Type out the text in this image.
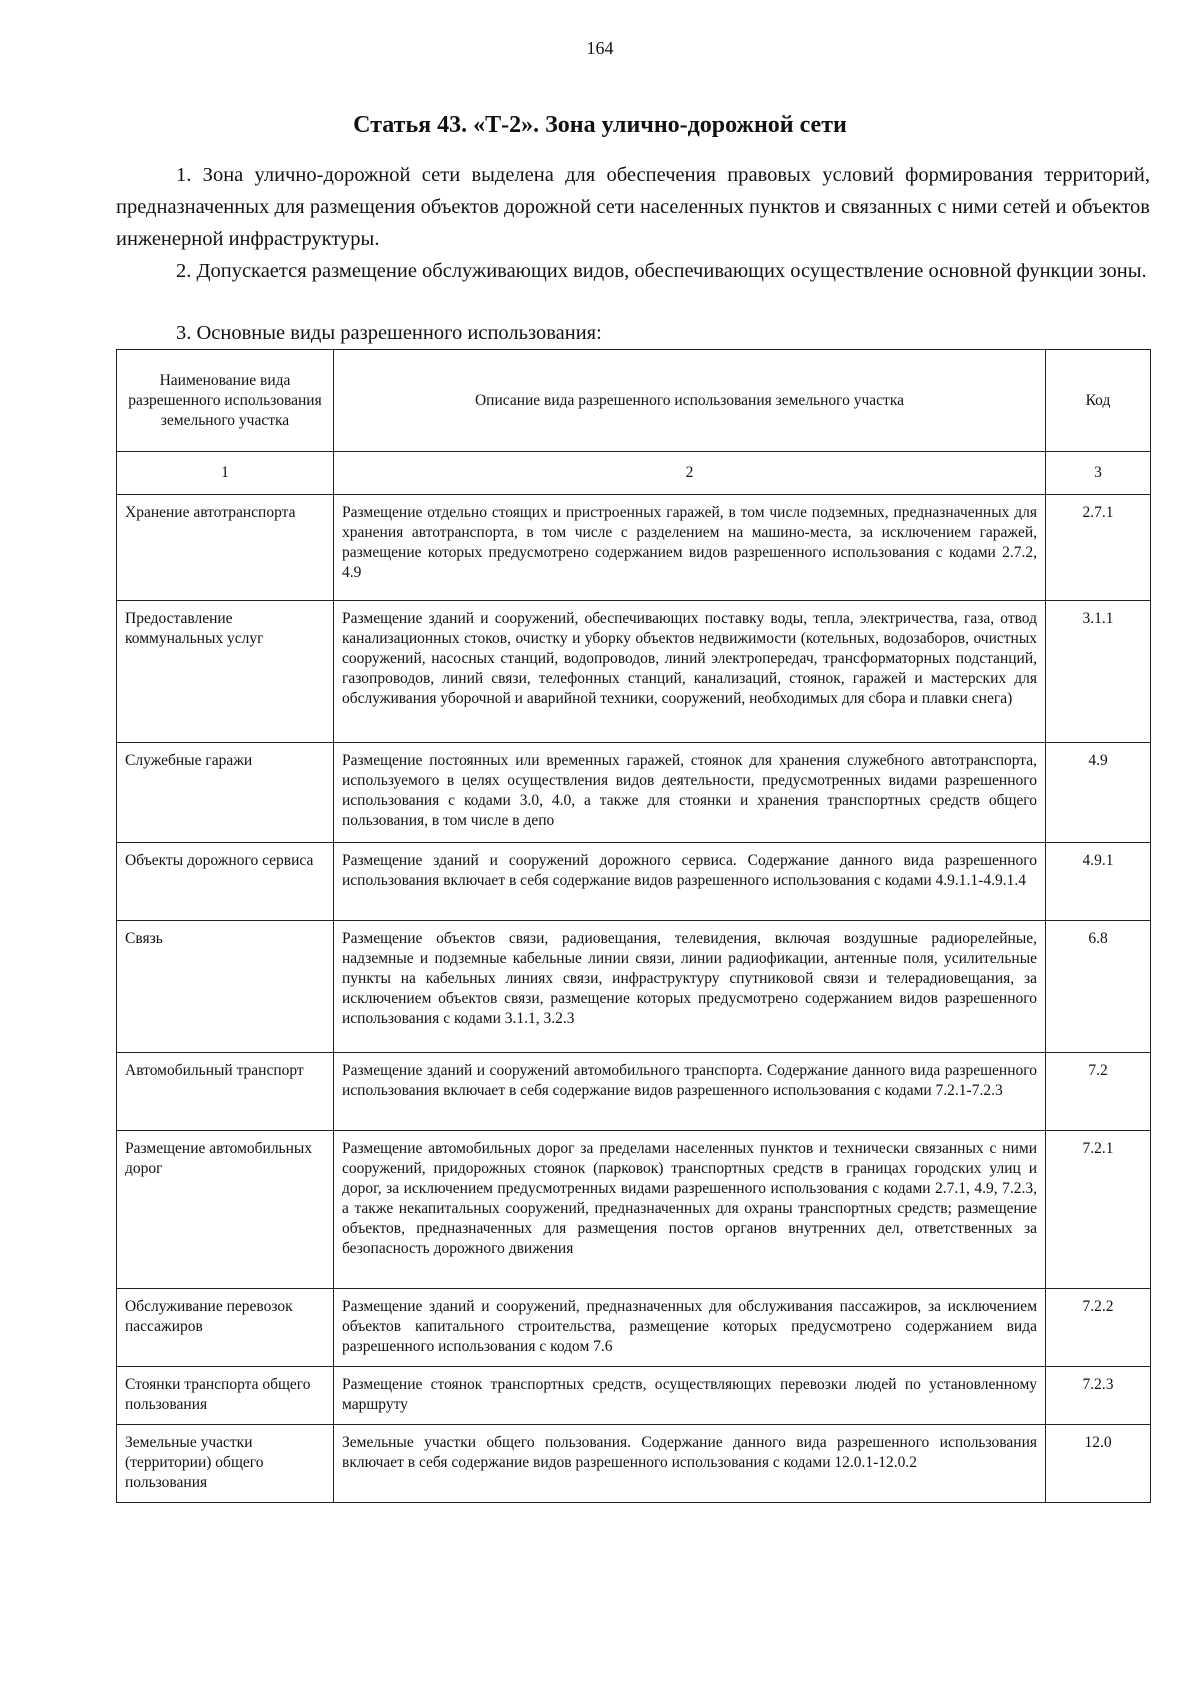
164
Статья 43. «Т-2». Зона улично-дорожной сети
1. Зона улично-дорожной сети выделена для обеспечения правовых условий формирования территорий, предназначенных для размещения объектов дорожной сети населенных пунктов и связанных с ними сетей и объектов инженерной инфраструктуры.
2. Допускается размещение обслуживающих видов, обеспечивающих осуществление основной функции зоны.
3. Основные виды разрешенного использования:
Наименование вида разрешенного использования земельного участка	Описание вида разрешенного использования земельного участка	Код
1	2	3
Хранение автотранспорта	Размещение отдельно стоящих и пристроенных гаражей, в том числе подземных, предназначенных для хранения автотранспорта, в том числе с разделением на машино-места, за исключением гаражей, размещение которых предусмотрено содержанием видов разрешенного использования с кодами 2.7.2, 4.9	2.7.1
Предоставление коммунальных услуг	Размещение зданий и сооружений, обеспечивающих поставку воды, тепла, электричества, газа, отвод канализационных стоков, очистку и уборку объектов недвижимости (котельных, водозаборов, очистных сооружений, насосных станций, водопроводов, линий электропередач, трансформаторных подстанций, газопроводов, линий связи, телефонных станций, канализаций, стоянок, гаражей и мастерских для обслуживания уборочной и аварийной техники, сооружений, необходимых для сбора и плавки снега)	3.1.1
Служебные гаражи	Размещение постоянных или временных гаражей, стоянок для хранения служебного автотранспорта, используемого в целях осуществления видов деятельности, предусмотренных видами разрешенного использования с кодами 3.0, 4.0, а также для стоянки и хранения транспортных средств общего пользования, в том числе в депо	4.9
Объекты дорожного сервиса	Размещение зданий и сооружений дорожного сервиса. Содержание данного вида разрешенного использования включает в себя содержание видов разрешенного использования с кодами 4.9.1.1-4.9.1.4	4.9.1
Связь	Размещение объектов связи, радиовещания, телевидения, включая воздушные радиорелейные, надземные и подземные кабельные линии связи, линии радиофикации, антенные поля, усилительные пункты на кабельных линиях связи, инфраструктуру спутниковой связи и телерадиовещания, за исключением объектов связи, размещение которых предусмотрено содержанием видов разрешенного использования с кодами 3.1.1, 3.2.3	6.8
Автомобильный транспорт	Размещение зданий и сооружений автомобильного транспорта. Содержание данного вида разрешенного использования включает в себя содержание видов разрешенного использования с кодами 7.2.1-7.2.3	7.2
Размещение автомобильных дорог	Размещение автомобильных дорог за пределами населенных пунктов и технически связанных с ними сооружений, придорожных стоянок (парковок) транспортных средств в границах городских улиц и дорог, за исключением предусмотренных видами разрешенного использования с кодами 2.7.1, 4.9, 7.2.3, а также некапитальных сооружений, предназначенных для охраны транспортных средств; размещение объектов, предназначенных для размещения постов органов внутренних дел, ответственных за безопасность дорожного движения	7.2.1
Обслуживание перевозок пассажиров	Размещение зданий и сооружений, предназначенных для обслуживания пассажиров, за исключением объектов капитального строительства, размещение которых предусмотрено содержанием вида разрешенного использования с кодом 7.6	7.2.2
Стоянки транспорта общего пользования	Размещение стоянок транспортных средств, осуществляющих перевозки людей по установленному маршруту	7.2.3
Земельные участки (территории) общего пользования	Земельные участки общего пользования. Содержание данного вида разрешенного использования включает в себя содержание видов разрешенного использования с кодами 12.0.1-12.0.2	12.0
